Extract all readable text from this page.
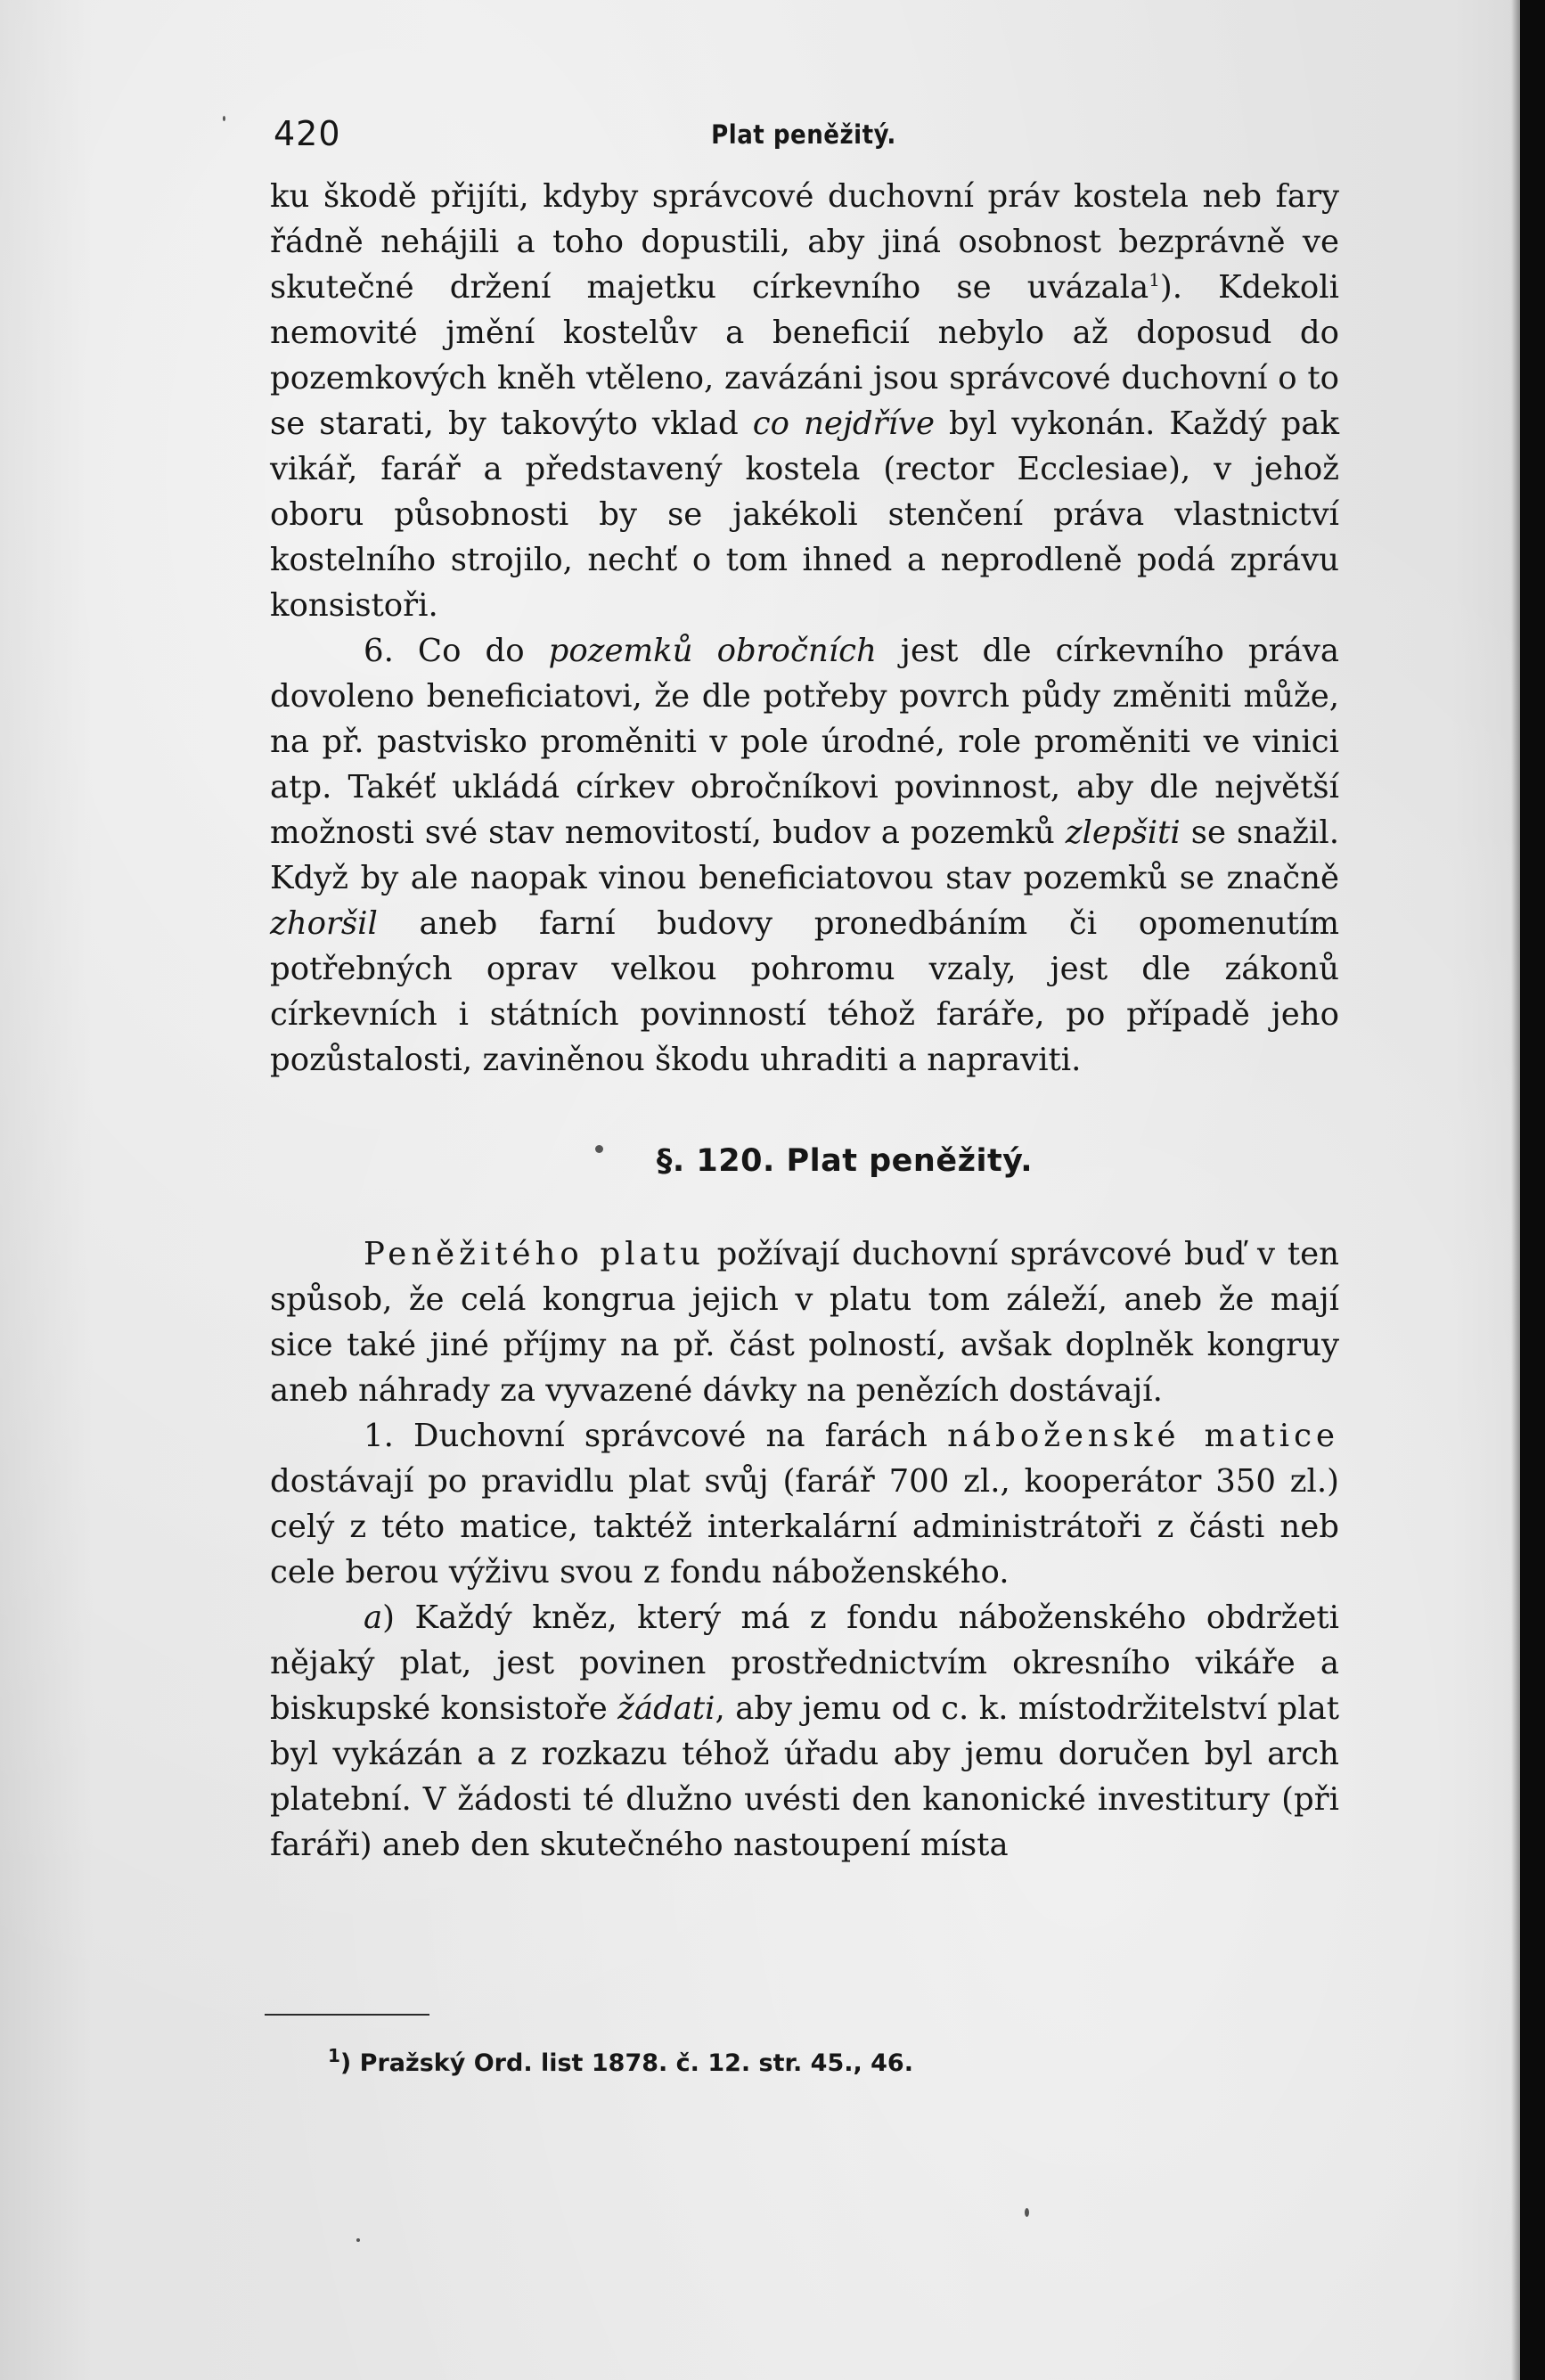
420	Plat peněžitý.

ku škodě přijíti, kdyby správcové duchovní práv kostela neb fary řádně nehájili a toho dopustili, aby jiná osobnost bezprávně ve skutečné držení majetku církevního se uvázala$^1$). Kdekoli nemovité jmění kostelův a beneficií nebylo až doposud do pozemkových kněh vtěleno, zavázáni jsou správcové duchovní o to se starati, by takovýto vklad co nejdříve byl vykonán. Každý pak vikář, farář a představený kostela (rector Ecclesiae), v jehož oboru působnosti by se jakékoli stenčení práva vlastnictví kostelního strojilo, nechť o tom ihned a neprodleně podá zprávu konsistoři.

6. Co do pozemků obročních jest dle církevního práva dovoleno beneficiatovi, že dle potřeby povrch půdy změniti může, na př. pastvisko proměniti v pole úrodné, role proměniti ve vinici atp. Takéť ukládá církev obročníkovi povinnost, aby dle největší možnosti své stav nemovitostí, budov a pozemků zlepšiti se snažil. Když by ale naopak vinou beneficiatovou stav pozemků se značně zhoršil aneb farní budovy pronedbáním či opomenutím potřebných oprav velkou pohromu vzaly, jest dle zákonů církevních i státních povinností téhož faráře, po případě jeho pozůstalosti, zaviněnou škodu uhraditi a napraviti.

§. 120. Plat peněžitý.

Peněžitého platu požívají duchovní správcové buď v ten spůsob, že celá kongrua jejich v platu tom záleží, aneb že mají sice také jiné příjmy na př. část polností, avšak doplněk kongruy aneb náhrady za vyvazené dávky na penězích dostávají.

1. Duchovní správcové na farách náboženské matice dostávají po pravidlu plat svůj (farář 700 zl., kooperátor 350 zl.) celý z této matice, taktéž interkalární administrátoři z části neb cele berou výživu svou z fondu náboženského.

a) Každý kněz, který má z fondu náboženského obdržeti nějaký plat, jest povinen prostřednictvím okresního vikáře a biskupské konsistoře žádati, aby jemu od c. k. místodržitelství plat byl vykázán a z rozkazu téhož úřadu aby jemu doručen byl arch platební. V žádosti té dlužno uvésti den kanonické investitury (při faráři) aneb den skutečného nastoupení místa

$^1$) Pražský Ord. list 1878. č. 12. str. 45., 46.
